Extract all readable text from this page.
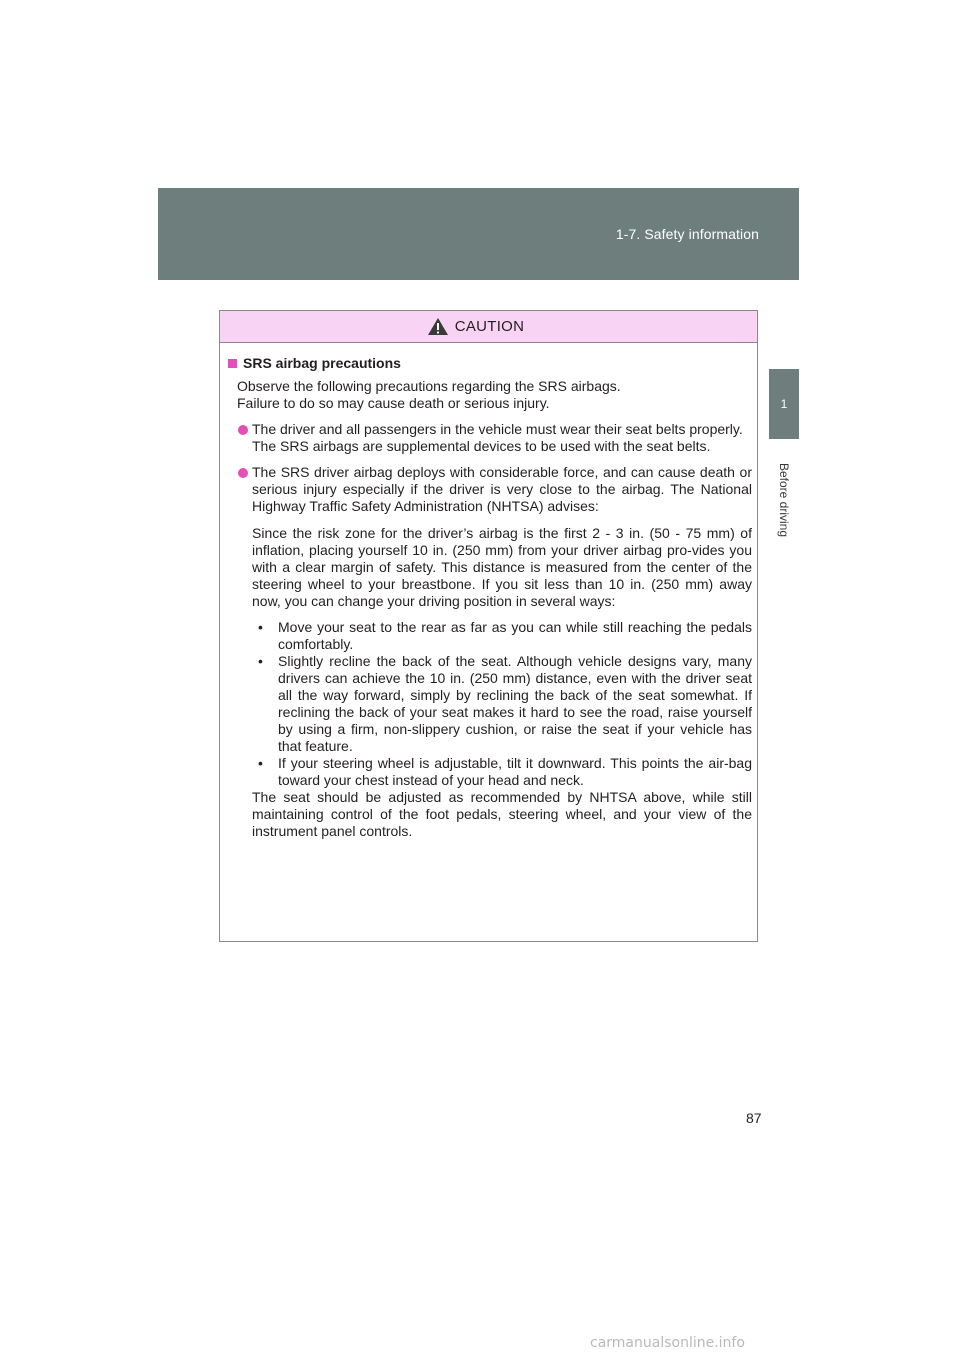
1-7. Safety information
1
Before driving
CAUTION
SRS airbag precautions
Observe the following precautions regarding the SRS airbags.
Failure to do so may cause death or serious injury.
The driver and all passengers in the vehicle must wear their seat belts properly.
The SRS airbags are supplemental devices to be used with the seat belts.
The SRS driver airbag deploys with considerable force, and can cause death or serious injury especially if the driver is very close to the airbag. The National Highway Traffic Safety Administration (NHTSA) advises:
Since the risk zone for the driver’s airbag is the first 2 - 3 in. (50 - 75 mm) of inflation, placing yourself 10 in. (250 mm) from your driver airbag pro-vides you with a clear margin of safety. This distance is measured from the center of the steering wheel to your breastbone. If you sit less than 10 in. (250 mm) away now, you can change your driving position in several ways:
• Move your seat to the rear as far as you can while still reaching the pedals comfortably.
• Slightly recline the back of the seat. Although vehicle designs vary, many drivers can achieve the 10 in. (250 mm) distance, even with the driver seat all the way forward, simply by reclining the back of the seat somewhat. If reclining the back of your seat makes it hard to see the road, raise yourself by using a firm, non-slippery cushion, or raise the seat if your vehicle has that feature.
• If your steering wheel is adjustable, tilt it downward. This points the air-bag toward your chest instead of your head and neck.
The seat should be adjusted as recommended by NHTSA above, while still maintaining control of the foot pedals, steering wheel, and your view of the instrument panel controls.
87
carmanualsonline.info
